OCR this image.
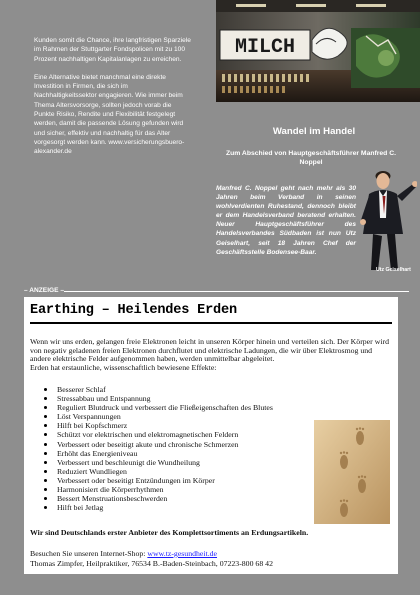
Kunden somit die Chance, ihre langfristigen Sparziele im Rahmen der Stuttgarter Fondspolicen mit zu 100 Prozent nachhaltigen Kapitalanlagen zu erreichen.

Eine Alternative bietet manchmal eine direkte Investition in Firmen, die sich im Nachhaltigkeitssektor engagieren. Wie immer beim Thema Altersvorsorge, sollten jedoch vorab die Punkte Risiko, Rendite und Flexibilität festgelegt werden, damit die passende Lösung gefunden wird und sicher, effektiv und nachhaltig für das Alter vorgesorgt werden kann. www.versicherungsbuero-alexander.de

MILCH
Wandel im Handel
Zum Abschied von Hauptgeschäftsführer Manfred C. Noppel
Manfred C. Noppel geht nach mehr als 30 Jahren beim Verband in seinen wohlverdienten Ruhestand, dennoch bleibt er dem Handelsverband beratend erhalten. Neuer Hauptgeschäftsführer des Handelsverbandes Südbaden ist nun Utz Geiselhart, seit 18 Jahren Chef der Geschäftsstelle Bodensee-Baar.
Utz Geiselhart
– ANZEIGE –
Earthing – Heilendes Erden
Wenn wir uns erden, gelangen freie Elektronen leicht in unseren Körper hinein und verteilen sich. Der Körper wird von negativ geladenen freien Elektronen durchflutet und elektrische Ladungen, die wir über Elektrosmog und andere elektrische Felder aufgenommen haben, werden unmittelbar abgeleitet.
Erden hat erstaunliche, wissenschaftlich bewiesene Effekte:
Besserer Schlaf
Stressabbau und Entspannung
Reguliert Blutdruck und verbessert die Fließeigenschaften des Blutes
Löst Verspannungen
Hilft bei Kopfschmerz
Schützt vor elektrischen und elektromagnetischen Feldern
Verbessert oder beseitigt akute und chronische Schmerzen
Erhöht das Energieniveau
Verbessert und beschleunigt die Wundheilung
Reduziert Wundliegen
Verbessert oder beseitigt Entzündungen im Körper
Harmonisiert die Körperrhythmen
Bessert Menstruationsbeschwerden
Hilft bei Jetlag
Wir sind Deutschlands erster Anbieter des Komplettsortiments an Erdungsartikeln.
Besuchen Sie unseren Internet-Shop: www.tz-gesundheit.de
Thomas Zimpfer, Heilpraktiker, 76534 B.-Baden-Steinbach, 07223-800 68 42
